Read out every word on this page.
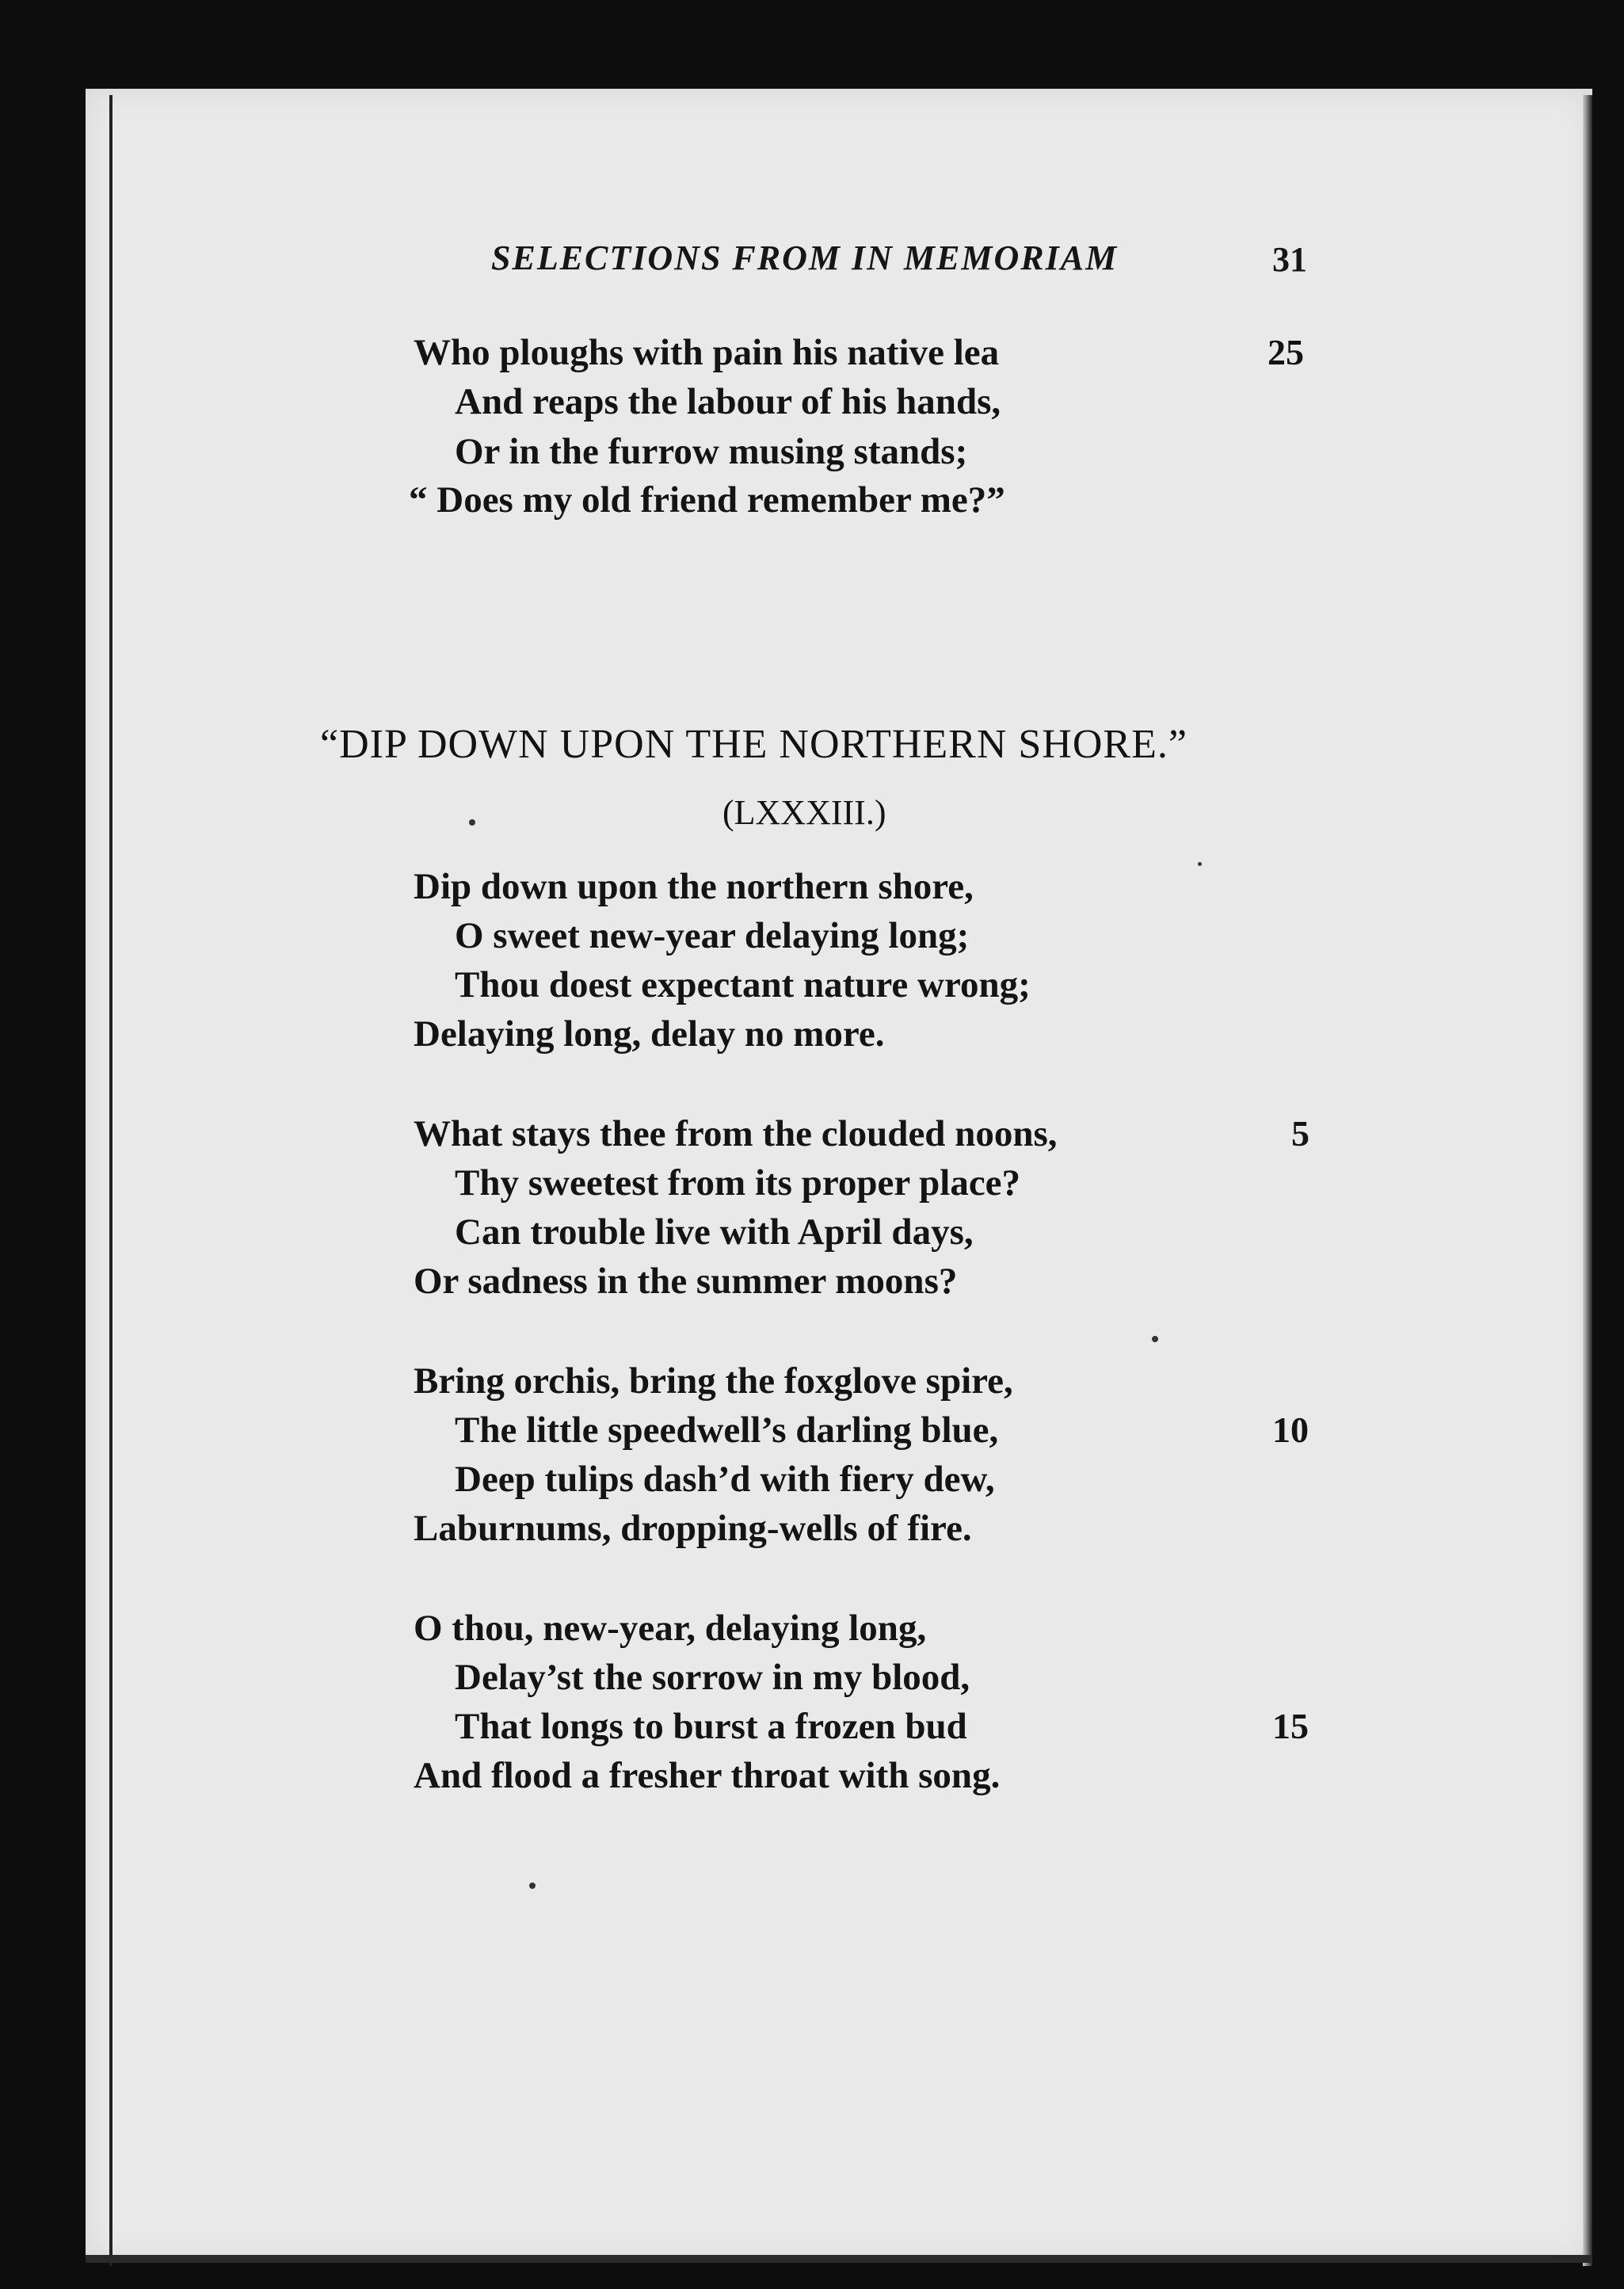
SELECTIONS FROM IN MEMORIAM	31
Who ploughs with pain his native lea	25
And reaps the labour of his hands,
Or in the furrow musing stands;
“ Does my old friend remember me?”
“DIP DOWN UPON THE NORTHERN SHORE.”
(LXXXIII.)
Dip down upon the northern shore,
O sweet new-year delaying long;
Thou doest expectant nature wrong;
Delaying long, delay no more.
What stays thee from the clouded noons,	5
Thy sweetest from its proper place?
Can trouble live with April days,
Or sadness in the summer moons?
Bring orchis, bring the foxglove spire,
The little speedwell’s darling blue,	10
Deep tulips dash’d with fiery dew,
Laburnums, dropping-wells of fire.
O thou, new-year, delaying long,
Delay’st the sorrow in my blood,
That longs to burst a frozen bud	15
And flood a fresher throat with song.
